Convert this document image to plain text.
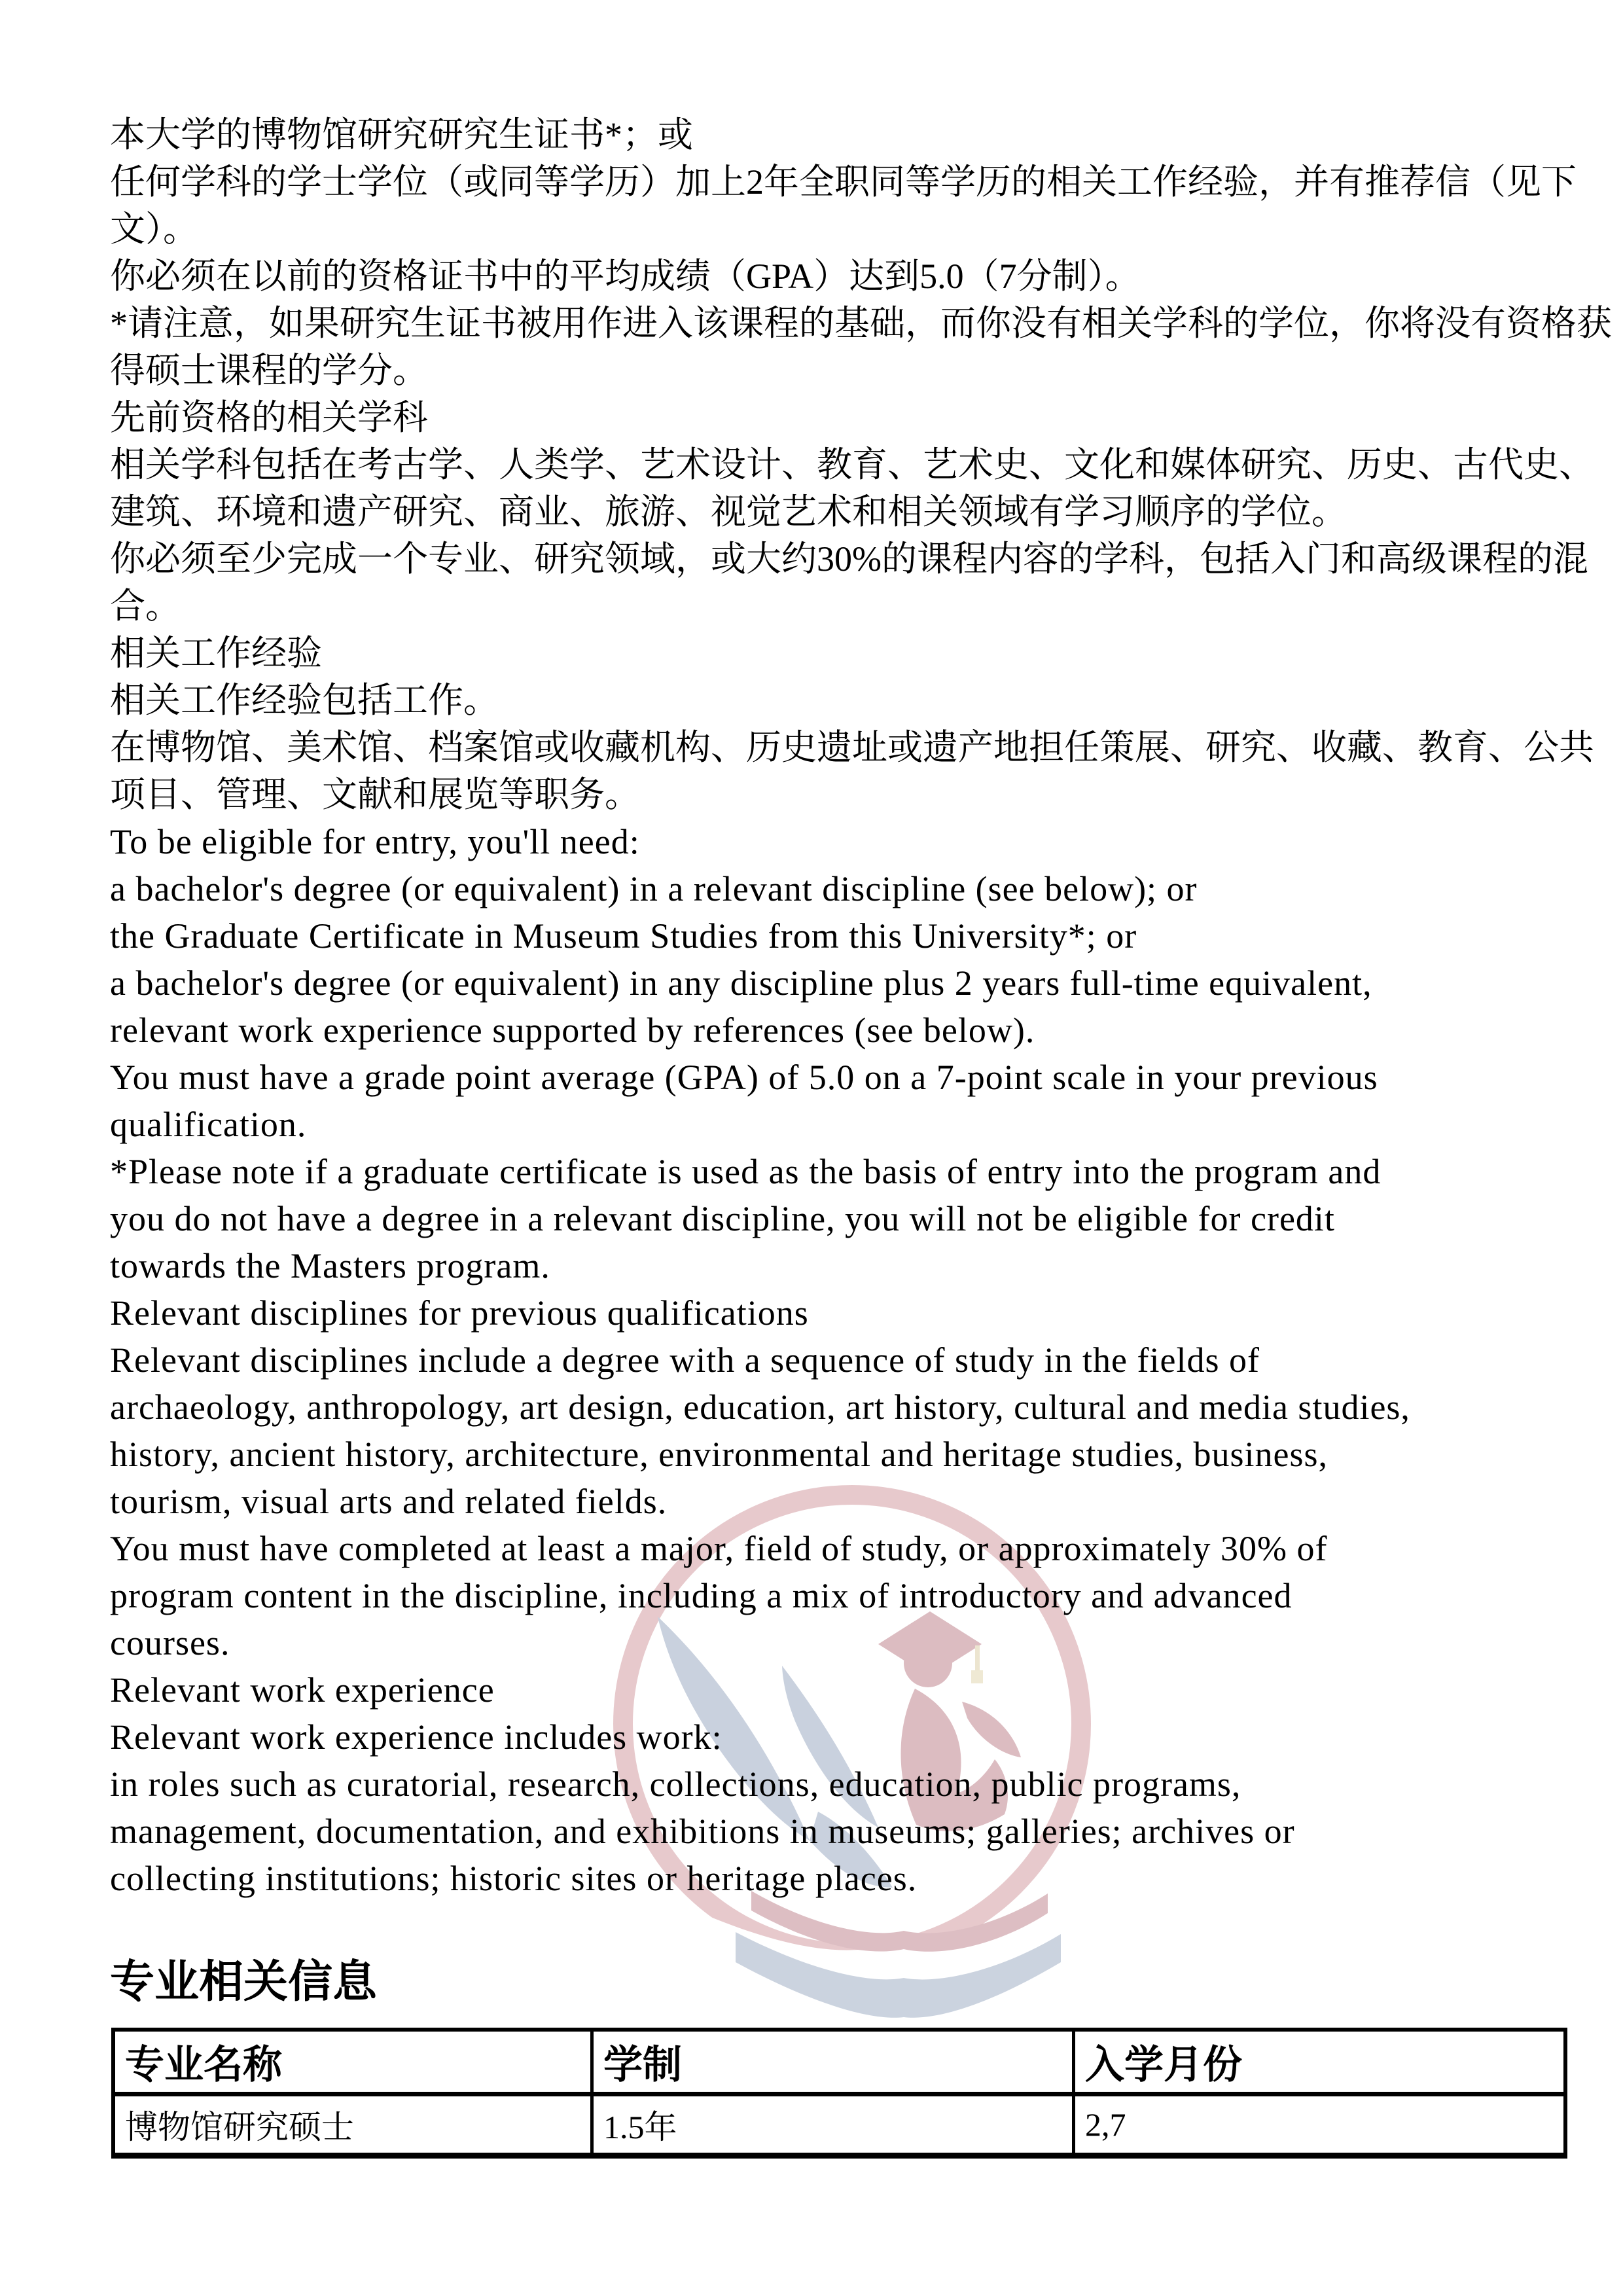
本大学的博物馆研究研究生证书*；或
任何学科的学士学位（或同等学历）加上2年全职同等学历的相关工作经验，并有推荐信（见下
文）。
你必须在以前的资格证书中的平均成绩（GPA）达到5.0（7分制）。
*请注意，如果研究生证书被用作进入该课程的基础，而你没有相关学科的学位，你将没有资格获
得硕士课程的学分。
先前资格的相关学科
相关学科包括在考古学、人类学、艺术设计、教育、艺术史、文化和媒体研究、历史、古代史、
建筑、环境和遗产研究、商业、旅游、视觉艺术和相关领域有学习顺序的学位。
你必须至少完成一个专业、研究领域，或大约30%的课程内容的学科，包括入门和高级课程的混
合。
相关工作经验
相关工作经验包括工作。
在博物馆、美术馆、档案馆或收藏机构、历史遗址或遗产地担任策展、研究、收藏、教育、公共
项目、管理、文献和展览等职务。
To be eligible for entry, you'll need:
a bachelor's degree (or equivalent) in a relevant discipline (see below); or
the Graduate Certificate in Museum Studies from this University*; or
a bachelor's degree (or equivalent) in any discipline plus 2 years full-time equivalent,
relevant work experience supported by references (see below).
You must have a grade point average (GPA) of 5.0 on a 7-point scale in your previous
qualification.
*Please note if a graduate certificate is used as the basis of entry into the program and
you do not have a degree in a relevant discipline, you will not be eligible for credit
towards the Masters program.
Relevant disciplines for previous qualifications
Relevant disciplines include a degree with a sequence of study in the fields of
archaeology, anthropology, art design, education, art history, cultural and media studies,
history, ancient history, architecture, environmental and heritage studies, business,
tourism, visual arts and related fields.
You must have completed at least a major, field of study, or approximately 30% of
program content in the discipline, including a mix of introductory and advanced
courses.
Relevant work experience
Relevant work experience includes work:
in roles such as curatorial, research, collections, education, public programs,
management, documentation, and exhibitions in museums; galleries; archives or
collecting institutions; historic sites or heritage places.
专业相关信息
专业名称	学制	入学月份
博物馆研究硕士	1.5年	2,7
